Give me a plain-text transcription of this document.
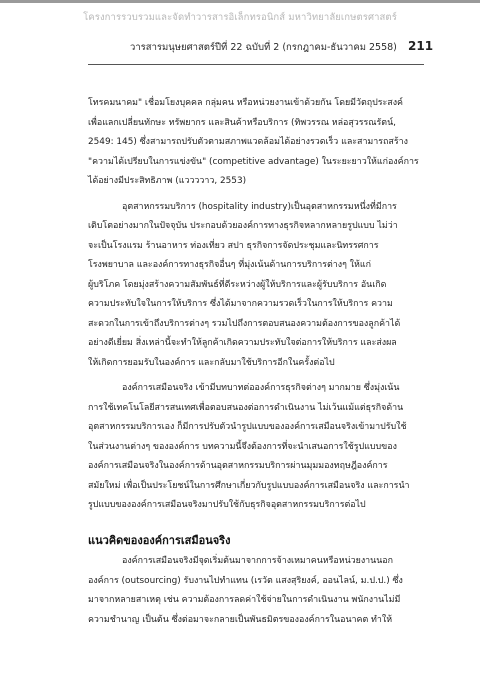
โครงการรวบรวมและจัดทำวารสารอิเล็กทรอนิกส์ มหาวิทยาลัยเกษตรศาสตร์
วารสารมนุษยศาสตร์ปีที่ 22 ฉบับที่ 2 (กรกฎาคม-ธันวาคม 2558) 211

โทรคมนาคม" เชื่อมโยงบุคคล กลุ่มคน หรือหน่วยงานเข้าด้วยกัน โดยมีวัตถุประสงค์
เพื่อแลกเปลี่ยนทักษะ ทรัพยากร และสินค้าหรือบริการ (ทิพวรรณ หล่อสุวรรณรัตน์,
2549: 145) ซึ่งสามารถปรับตัวตามสภาพแวดล้อมได้อย่างรวดเร็ว และสามารถสร้าง
"ความได้เปรียบในการแข่งขัน" (competitive advantage) ในระยะยาวให้แก่องค์การ
ได้อย่างมีประสิทธิภาพ (แววววาว, 2553)

อุตสาหกรรมบริการ (hospitality industry)เป็นอุตสาหกรรมหนึ่งที่มีการ
เติบโตอย่างมากในปัจจุบัน ประกอบด้วยองค์การทางธุรกิจหลากหลายรูปแบบ ไม่ว่า
จะเป็นโรงแรม ร้านอาหาร ท่องเที่ยว สปา ธุรกิจการจัดประชุมและนิทรรศการ
โรงพยาบาล และองค์การทางธุรกิจอื่นๆ ที่มุ่งเน้นด้านการบริการต่างๆ ให้แก่
ผู้บริโภค โดยมุ่งสร้างความสัมพันธ์ที่ดีระหว่างผู้ให้บริการและผู้รับบริการ อันเกิด
ความประทับใจในการให้บริการ ซึ่งได้มาจากความรวดเร็วในการให้บริการ ความ
สะดวกในการเข้าถึงบริการต่างๆ รวมไปถึงการตอบสนองความต้องการของลูกค้าได้
อย่างดีเยี่ยม สิ่งเหล่านี้จะทำให้ลูกค้าเกิดความประทับใจต่อการให้บริการ และส่งผล
ให้เกิดการยอมรับในองค์การ และกลับมาใช้บริการอีกในครั้งต่อไป

องค์การเสมือนจริง เข้ามีบทบาทต่อองค์การธุรกิจต่างๆ มากมาย ซึ่งมุ่งเน้น
การใช้เทคโนโลยีสารสนเทศเพื่อตอบสนองต่อการดำเนินงาน ไม่เว้นแม้แต่ธุรกิจด้าน
อุตสาหกรรมบริการเอง ก็มีการปรับตัวนำรูปแบบขององค์การเสมือนจริงเข้ามาปรับใช้
ในส่วนงานต่างๆ ขององค์การ บทความนี้จึงต้องการที่จะนำเสนอการใช้รูปแบบของ
องค์การเสมือนจริงในองค์การด้านอุตสาหกรรมบริการผ่านมุมมองทฤษฎีองค์การ
สมัยใหม่ เพื่อเป็นประโยชน์ในการศึกษาเกี่ยวกับรูปแบบองค์การเสมือนจริง และการนำ
รูปแบบขององค์การเสมือนจริงมาปรับใช้กับธุรกิจอุตสาหกรรมบริการต่อไป

แนวคิดขององค์การเสมือนจริง

องค์การเสมือนจริงมีจุดเริ่มต้นมาจากการจ้างเหมาคนหรือหน่วยงานนอก
องค์การ (outsourcing) รับงานไปทำแทน (เรวัต แสงสุริยงค์, ออนไลน์, ม.ป.ป.) ซึ่ง
มาจากหลายสาเหตุ เช่น ความต้องการลดค่าใช้จ่ายในการดำเนินงาน พนักงานไม่มี
ความชำนาญ เป็นต้น ซึ่งต่อมาจะกลายเป็นพันธมิตรขององค์การในอนาคต ทำให้
